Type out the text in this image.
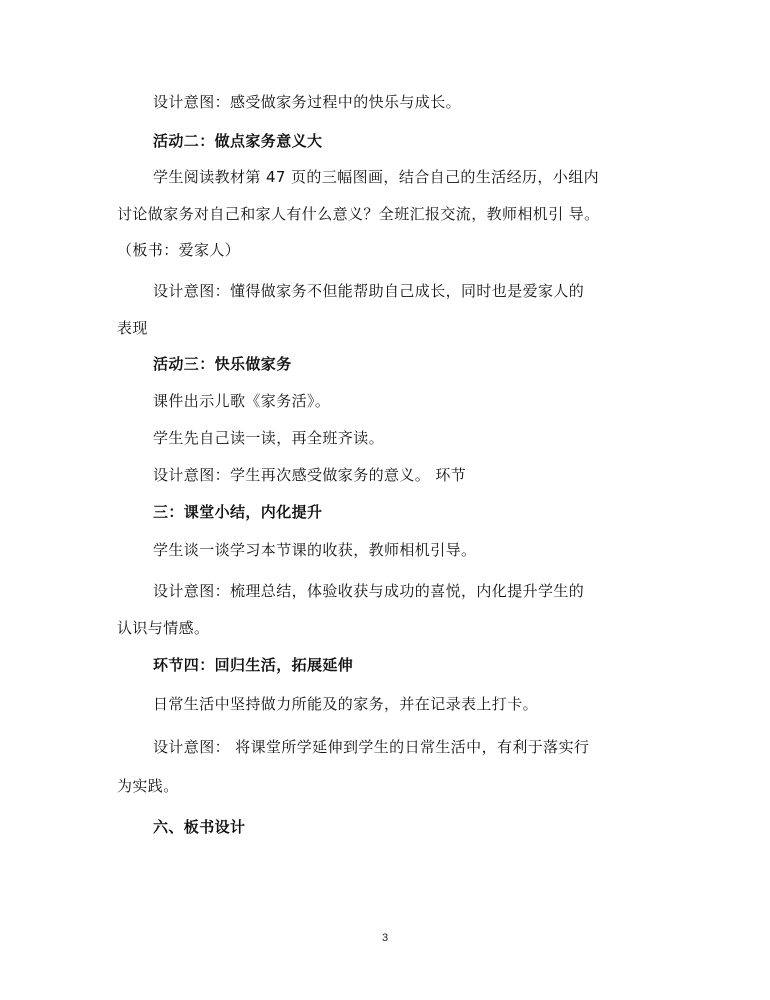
设计意图：感受做家务过程中的快乐与成长。
活动二：做点家务意义大
学生阅读教材第 47 页的三幅图画，结合自己的生活经历，小组内
讨论做家务对自己和家人有什么意义？全班汇报交流，教师相机引 导。
（板书：爱家人）
设计意图：懂得做家务不但能帮助自己成长，同时也是爱家人的
表现
活动三：快乐做家务
课件出示儿歌《家务活》。
学生先自己读一读，再全班齐读。
设计意图：学生再次感受做家务的意义。 环节
三：课堂小结，内化提升
学生谈一谈学习本节课的收获，教师相机引导。
设计意图：梳理总结，体验收获与成功的喜悦，内化提升学生的
认识与情感。
环节四：回归生活，拓展延伸
日常生活中坚持做力所能及的家务，并在记录表上打卡。
设计意图： 将课堂所学延伸到学生的日常生活中，有利于落实行
为实践。
六、板书设计
3
